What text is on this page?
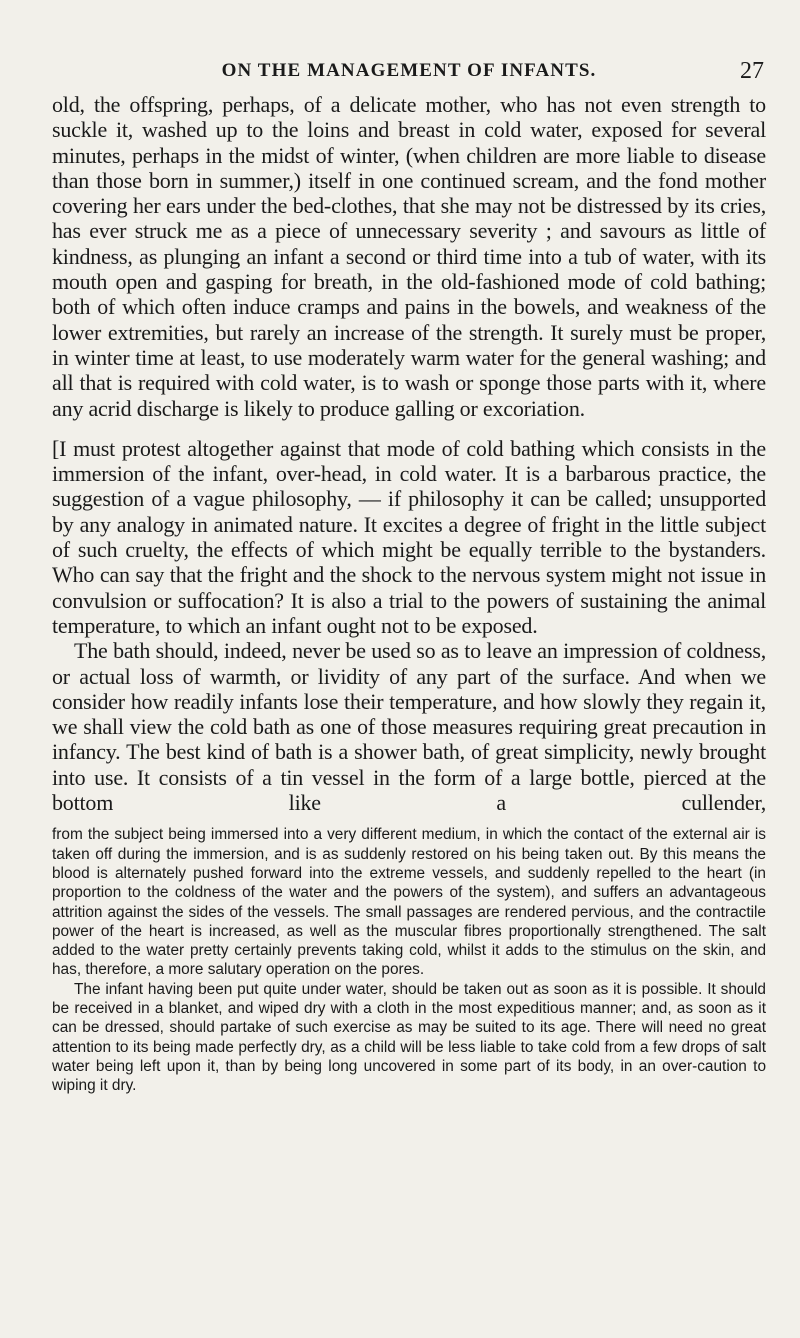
ON THE MANAGEMENT OF INFANTS.	27

old, the offspring, perhaps, of a delicate mother, who has not even strength to suckle it, washed up to the loins and breast in cold water, exposed for several minutes, perhaps in the midst of winter, (when children are more liable to disease than those born in summer,) itself in one continued scream, and the fond mother covering her ears under the bed-clothes, that she may not be distressed by its cries, has ever struck me as a piece of unnecessary severity ; and savours as little of kindness, as plunging an infant a second or third time into a tub of water, with its mouth open and gasping for breath, in the old-fashioned mode of cold bathing; both of which often induce cramps and pains in the bowels, and weakness of the lower extremities, but rarely an increase of the strength. It surely must be proper, in winter time at least, to use moderately warm water for the general washing; and all that is required with cold water, is to wash or sponge those parts with it, where any acrid discharge is likely to produce galling or excoriation.

[I must protest altogether against that mode of cold bathing which consists in the immersion of the infant, over-head, in cold water. It is a barbarous practice, the suggestion of a vague philosophy, — if philosophy it can be called; unsupported by any analogy in animated nature. It excites a degree of fright in the little subject of such cruelty, the effects of which might be equally terrible to the bystanders. Who can say that the fright and the shock to the nervous system might not issue in convulsion or suffocation? It is also a trial to the powers of sustaining the animal temperature, to which an infant ought not to be exposed.

The bath should, indeed, never be used so as to leave an impression of coldness, or actual loss of warmth, or lividity of any part of the surface. And when we consider how readily infants lose their temperature, and how slowly they regain it, we shall view the cold bath as one of those measures requiring great precaution in infancy. The best kind of bath is a shower bath, of great simplicity, newly brought into use. It consists of a tin vessel in the form of a large bottle, pierced at the bottom like a cullender,

from the subject being immersed into a very different medium, in which the contact of the external air is taken off during the immersion, and is as suddenly restored on his being taken out. By this means the blood is alternately pushed forward into the extreme vessels, and suddenly repelled to the heart (in proportion to the coldness of the water and the powers of the system), and suffers an advantageous attrition against the sides of the vessels. The small passages are rendered pervious, and the contractile power of the heart is increased, as well as the muscular fibres proportionally strengthened. The salt added to the water pretty certainly prevents taking cold, whilst it adds to the stimulus on the skin, and has, therefore, a more salutary operation on the pores.

The infant having been put quite under water, should be taken out as soon as it is possible. It should be received in a blanket, and wiped dry with a cloth in the most expeditious manner; and, as soon as it can be dressed, should partake of such exercise as may be suited to its age. There will need no great attention to its being made perfectly dry, as a child will be less liable to take cold from a few drops of salt water being left upon it, than by being long uncovered in some part of its body, in an over-caution to wiping it dry.
